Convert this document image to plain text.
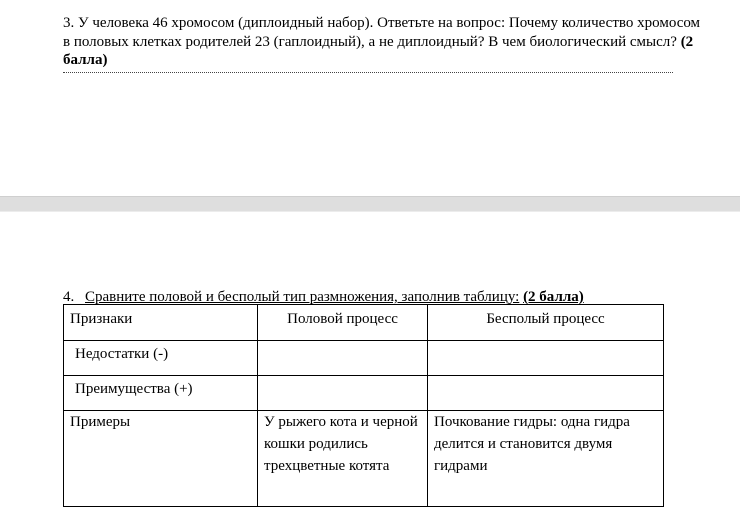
3. У человека 46 хромосом (диплоидный набор). Ответьте на вопрос: Почему количество хромосом в половых клетках родителей 23 (гаплоидный), а не диплоидный? В чем биологический смысл? (2 балла)
4. Сравните половой и бесполый тип размножения, заполнив таблицу: (2 балла)
Признаки	Половой процесс	Бесполый процесс
Недостатки (-)		
Преимущества (+)		
Примеры	У рыжего кота и черной кошки родились трехцветные котята	Почкование гидры: одна гидра делится и становится двумя гидрами
